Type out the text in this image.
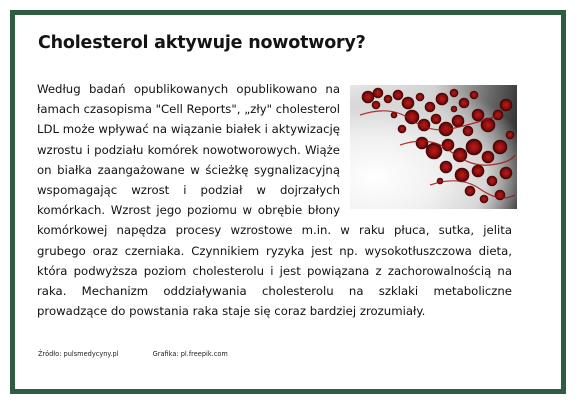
Cholesterol aktywuje nowotwory?
Według badań opublikowanych opublikowano na łamach czasopisma "Cell Reports", „zły" cholesterol LDL może wpływać na wiązanie białek i aktywizację wzrostu i podziału komórek nowotworowych. Wiąże on białka zaangażowane w ścieżkę sygnalizacyjną wspomagając wzrost i podział w dojrzałych komórkach. Wzrost jego poziomu w obrębie błony komórkowej napędza procesy wzrostowe m.in. w raku płuca, sutka, jelita grubego oraz czerniaka. Czynnikiem ryzyka jest np. wysokotłuszczowa dieta, która podwyższa poziom cholesterolu i jest powiązana z zachorowalnością na raka. Mechanizm oddziaływania cholesterolu na szklaki metaboliczne prowadzące do powstania raka staje się coraz bardziej zrozumiały.
Źródło: pulsmedycyny.pl	Grafika: pl.freepik.com
